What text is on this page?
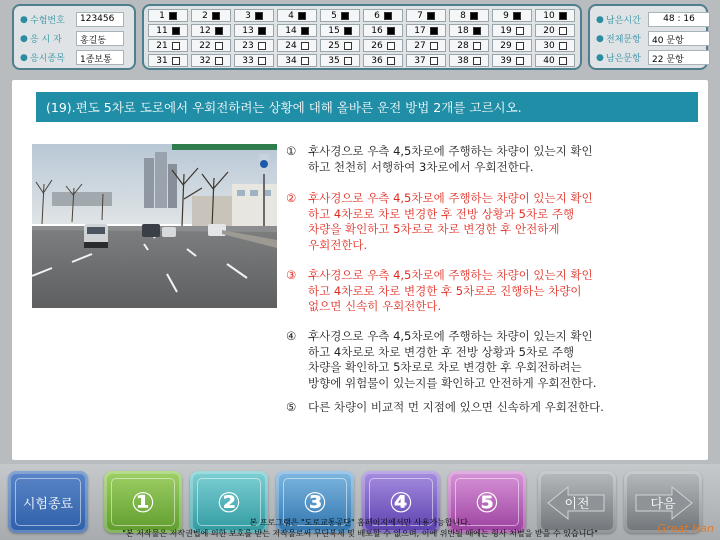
● 수험번호	123456
● 응 시 자	홍길동
● 응시종목	1종보통
1	2	3	4	5	6	7	8	9	10
11	12	13	14	15	16	17	18	19	20
21	22	23	24	25	26	27	28	29	30
31	32	33	34	35	36	37	38	39	40
● 남은시간	48 : 16
● 전체문항	40 문항
● 남은문항	22 문항
(19).편도 5차로 도로에서 우회전하려는 상황에 대해 올바른 운전 방법 2개를 고르시오.
①	후사경으로 우측 4,5차로에 주행하는 차량이 있는지 확인
하고 천천히 서행하여 3차로에서 우회전한다.
②	후사경으로 우측 4,5차로에 주행하는 차량이 있는지 확인
하고 4차로로 차로 변경한 후 전방 상황과 5차로 주행
차량을 확인하고 5차로로 차로 변경한 후 안전하게
우회전한다.
③	후사경으로 우측 4,5차로에 주행하는 차량이 있는지 확인
하고 4차로로 차로 변경한 후 5차로로 진행하는 차량이
없으면 신속히 우회전한다.
④	후사경으로 우측 4,5차로에 주행하는 차량이 있는지 확인
하고 4차로로 차로 변경한 후 전방 상황과 5차로 주행
차량을 확인하고 5차로로 차로 변경한 후 우회전하려는
방향에 위험물이 있는지를 확인하고 안전하게 우회전한다.
⑤	다른 차량이 비교적 먼 지점에 있으면 신속하게 우회전한다.
시험종료 ① ② ③ ④ ⑤	이전	다음
본 프로그램은 "도로교통공단" 홈페이지에서만 사용가능합니다.
"본 저작물은 저작권법에 의한 보호를 받는 저작물로써 무단복제 및 배포할 수 없으며, 이에 위반될 때에는 형사 처벌을 받을 수 있습니다"	Great Han
